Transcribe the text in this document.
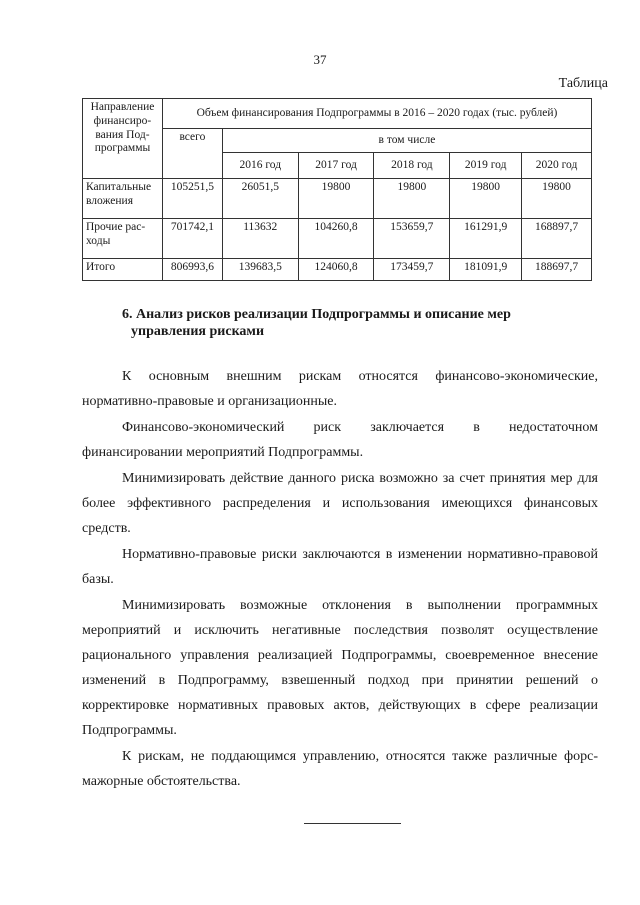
37
Таблица
Направление финансиро-вания Под-программы	Объем финансирования Подпрограммы в 2016 – 2020 годах (тыс. рублей)					
	всего	в том числе				
		2016 год	2017 год	2018 год	2019 год	2020 год
Капитальные вложения	105251,5	26051,5	19800	19800	19800	19800
Прочие рас-ходы	701742,1	113632	104260,8	153659,7	161291,9	168897,7
Итого	806993,6	139683,5	124060,8	173459,7	181091,9	188697,7
6. Анализ рисков реализации Подпрограммы и описание мер
управления рисками

К основным внешним рискам относятся финансово-экономические, нормативно-правовые и организационные.

Финансово-экономический риск заключается в недостаточном финансировании мероприятий Подпрограммы.

Минимизировать действие данного риска возможно за счет принятия мер для более эффективного распределения и использования имеющихся финансовых средств.

Нормативно-правовые риски заключаются в изменении нормативно-правовой базы.

Минимизировать возможные отклонения в выполнении программных мероприятий и исключить негативные последствия позволят осуществление рационального управления реализацией Подпрограммы, своевременное внесение изменений в Подпрограмму, взвешенный подход при принятии решений о корректировке нормативных правовых актов, действующих в сфере реализации Подпрограммы.

К рискам, не поддающимся управлению, относятся также различные форс-мажорные обстоятельства.
